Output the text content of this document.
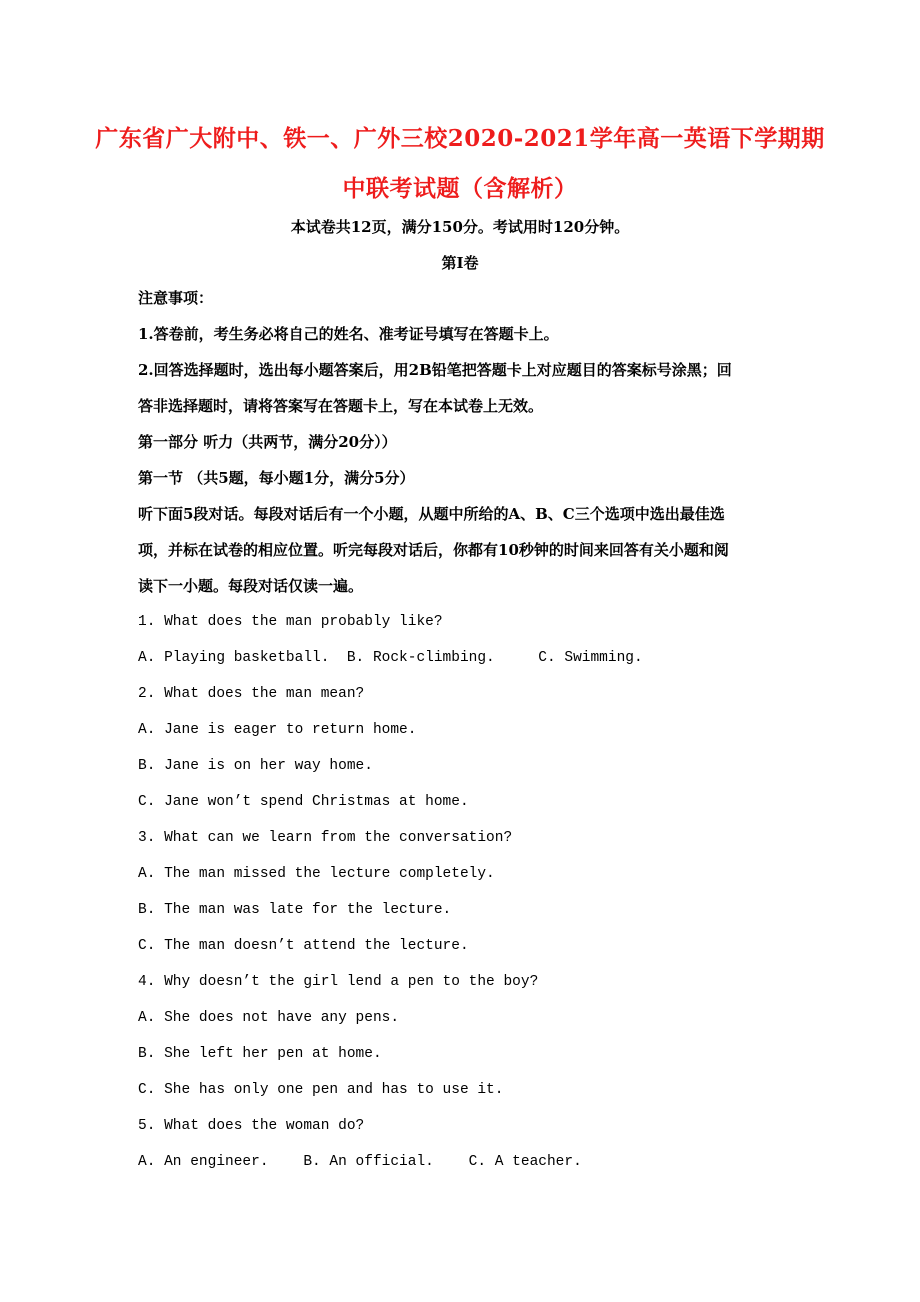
广东省广大附中、铁一、广外三校2020-2021学年高一英语下学期期
中联考试题（含解析）
本试卷共12页，满分150分。考试用时120分钟。
第I卷
注意事项：
1.答卷前，考生务必将自己的姓名、准考证号填写在答题卡上。
2.回答选择题时，选出每小题答案后，用2B铅笔把答题卡上对应题目的答案标号涂黑；回
答非选择题时，请将答案写在答题卡上，写在本试卷上无效。
第一部分 听力（共两节，满分20分））
第一节 （共5题，每小题1分，满分5分）
听下面5段对话。每段对话后有一个小题，从题中所给的A、B、C三个选项中选出最佳选
项，并标在试卷的相应位置。听完每段对话后，你都有10秒钟的时间来回答有关小题和阅
读下一小题。每段对话仅读一遍。
1. What does the man probably like?
A. Playing basketball.  B. Rock-climbing.     C. Swimming.
2. What does the man mean?
A. Jane is eager to return home.
B. Jane is on her way home.
C. Jane won’t spend Christmas at home.
3. What can we learn from the conversation?
A. The man missed the lecture completely.
B. The man was late for the lecture.
C. The man doesn’t attend the lecture.
4. Why doesn’t the girl lend a pen to the boy?
A. She does not have any pens.
B. She left her pen at home.
C. She has only one pen and has to use it.
5. What does the woman do?
A. An engineer.    B. An official.    C. A teacher.
